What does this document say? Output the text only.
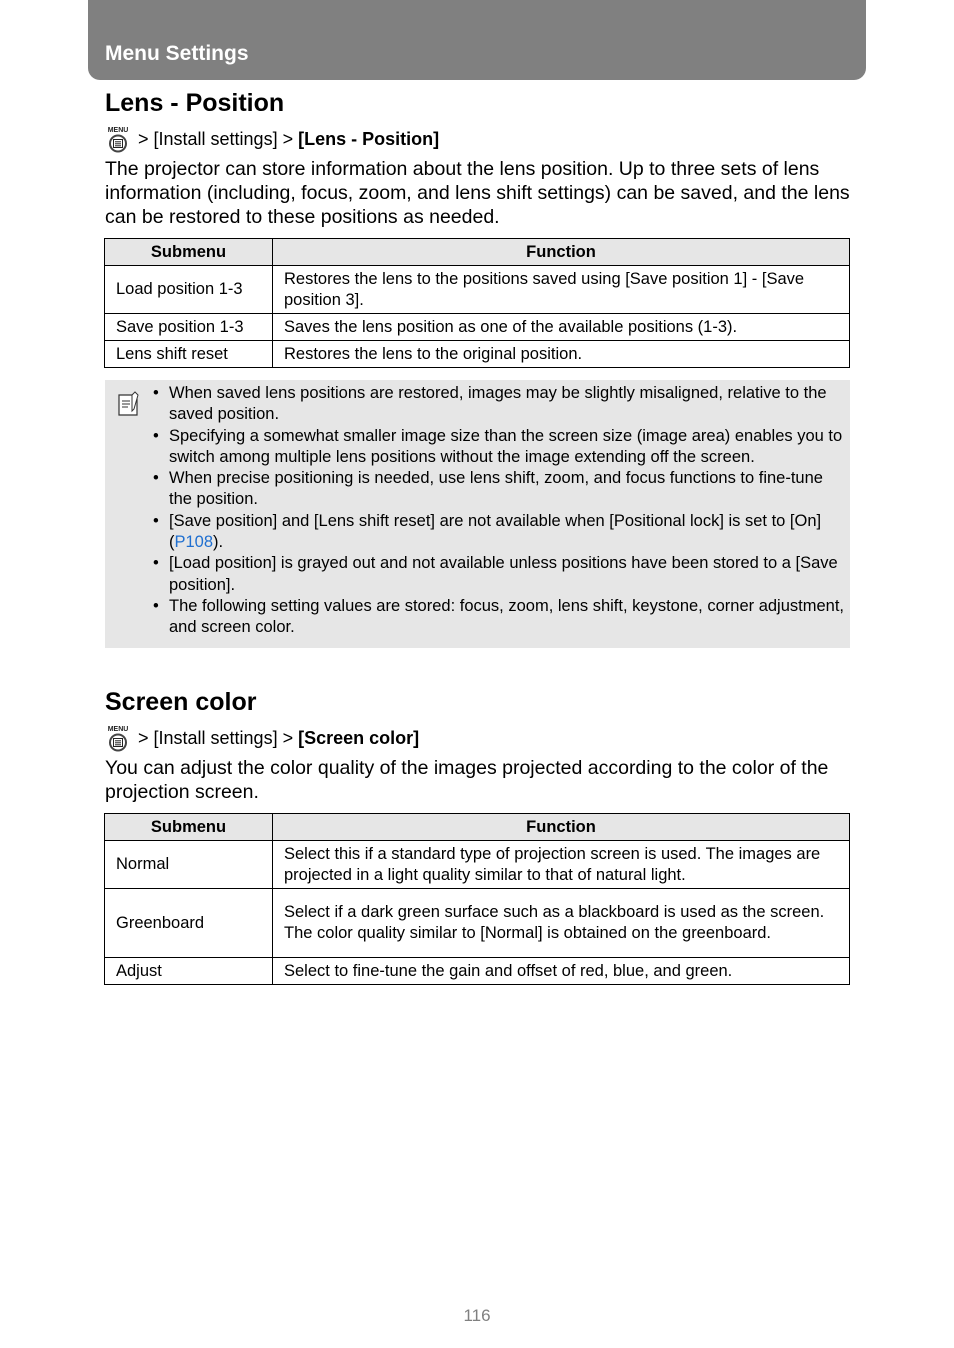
Menu Settings
Lens - Position
MENU > [Install settings] > [Lens - Position]

The projector can store information about the lens position. Up to three sets of lens information (including, focus, zoom, and lens shift settings) can be saved, and the lens can be restored to these positions as needed.

Submenu	Function
Load position 1-3	Restores the lens to the positions saved using [Save position 1] - [Save position 3].
Save position 1-3	Saves the lens position as one of the available positions (1-3).
Lens shift reset	Restores the lens to the original position.
• When saved lens positions are restored, images may be slightly misaligned, relative to the saved position.
• Specifying a somewhat smaller image size than the screen size (image area) enables you to switch among multiple lens positions without the image extending off the screen.
• When precise positioning is needed, use lens shift, zoom, and focus functions to fine-tune the position.
• [Save position] and [Lens shift reset] are not available when [Positional lock] is set to [On] (P108).
• [Load position] is grayed out and not available unless positions have been stored to a [Save position].
• The following setting values are stored: focus, zoom, lens shift, keystone, corner adjustment, and screen color.
Screen color
MENU > [Install settings] > [Screen color]

You can adjust the color quality of the images projected according to the color of the projection screen.

Submenu	Function
Normal	Select this if a standard type of projection screen is used. The images are projected in a light quality similar to that of natural light.
Greenboard	Select if a dark green surface such as a blackboard is used as the screen. The color quality similar to [Normal] is obtained on the greenboard.
Adjust	Select to fine-tune the gain and offset of red, blue, and green.
116
